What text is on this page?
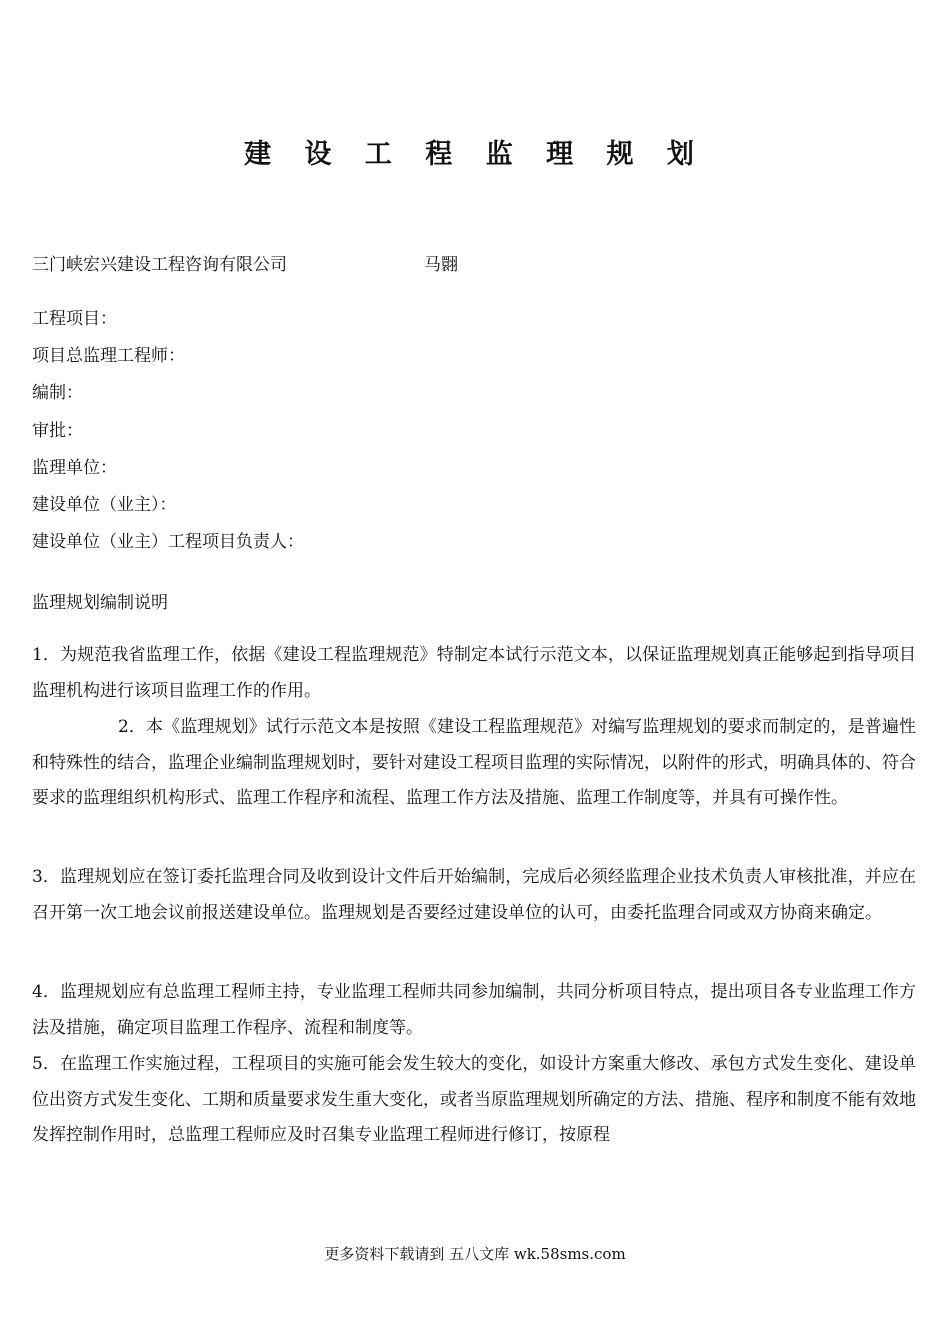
建 设 工 程 监 理 规 划
三门峡宏兴建设工程咨询有限公司	马翾
工程项目：
项目总监理工程师：
编制：
审批：
监理单位：
建设单位（业主）：
建设单位（业主）工程项目负责人：
监理规划编制说明
1．为规范我省监理工作，依据《建设工程监理规范》特制定本试行示范文本，以保证监理规划真正能够起到指导项目监理机构进行该项目监理工作的作用。
2．本《监理规划》试行示范文本是按照《建设工程监理规范》对编写监理规划的要求而制定的，是普遍性和特殊性的结合，监理企业编制监理规划时，要针对建设工程项目监理的实际情况，以附件的形式，明确具体的、符合要求的监理组织机构形式、监理工作程序和流程、监理工作方法及措施、监理工作制度等，并具有可操作性。
3．监理规划应在签订委托监理合同及收到设计文件后开始编制，完成后必须经监理企业技术负责人审核批准，并应在召开第一次工地会议前报送建设单位。监理规划是否要经过建设单位的认可，由委托监理合同或双方协商来确定。
4．监理规划应有总监理工程师主持，专业监理工程师共同参加编制，共同分析项目特点，提出项目各专业监理工作方法及措施，确定项目监理工作程序、流程和制度等。
5．在监理工作实施过程，工程项目的实施可能会发生较大的变化，如设计方案重大修改、承包方式发生变化、建设单位出资方式发生变化、工期和质量要求发生重大变化，或者当原监理规划所确定的方法、措施、程序和制度不能有效地发挥控制作用时，总监理工程师应及时召集专业监理工程师进行修订，按原程
更多资料下载请到 五八文库 wk.58sms.com
